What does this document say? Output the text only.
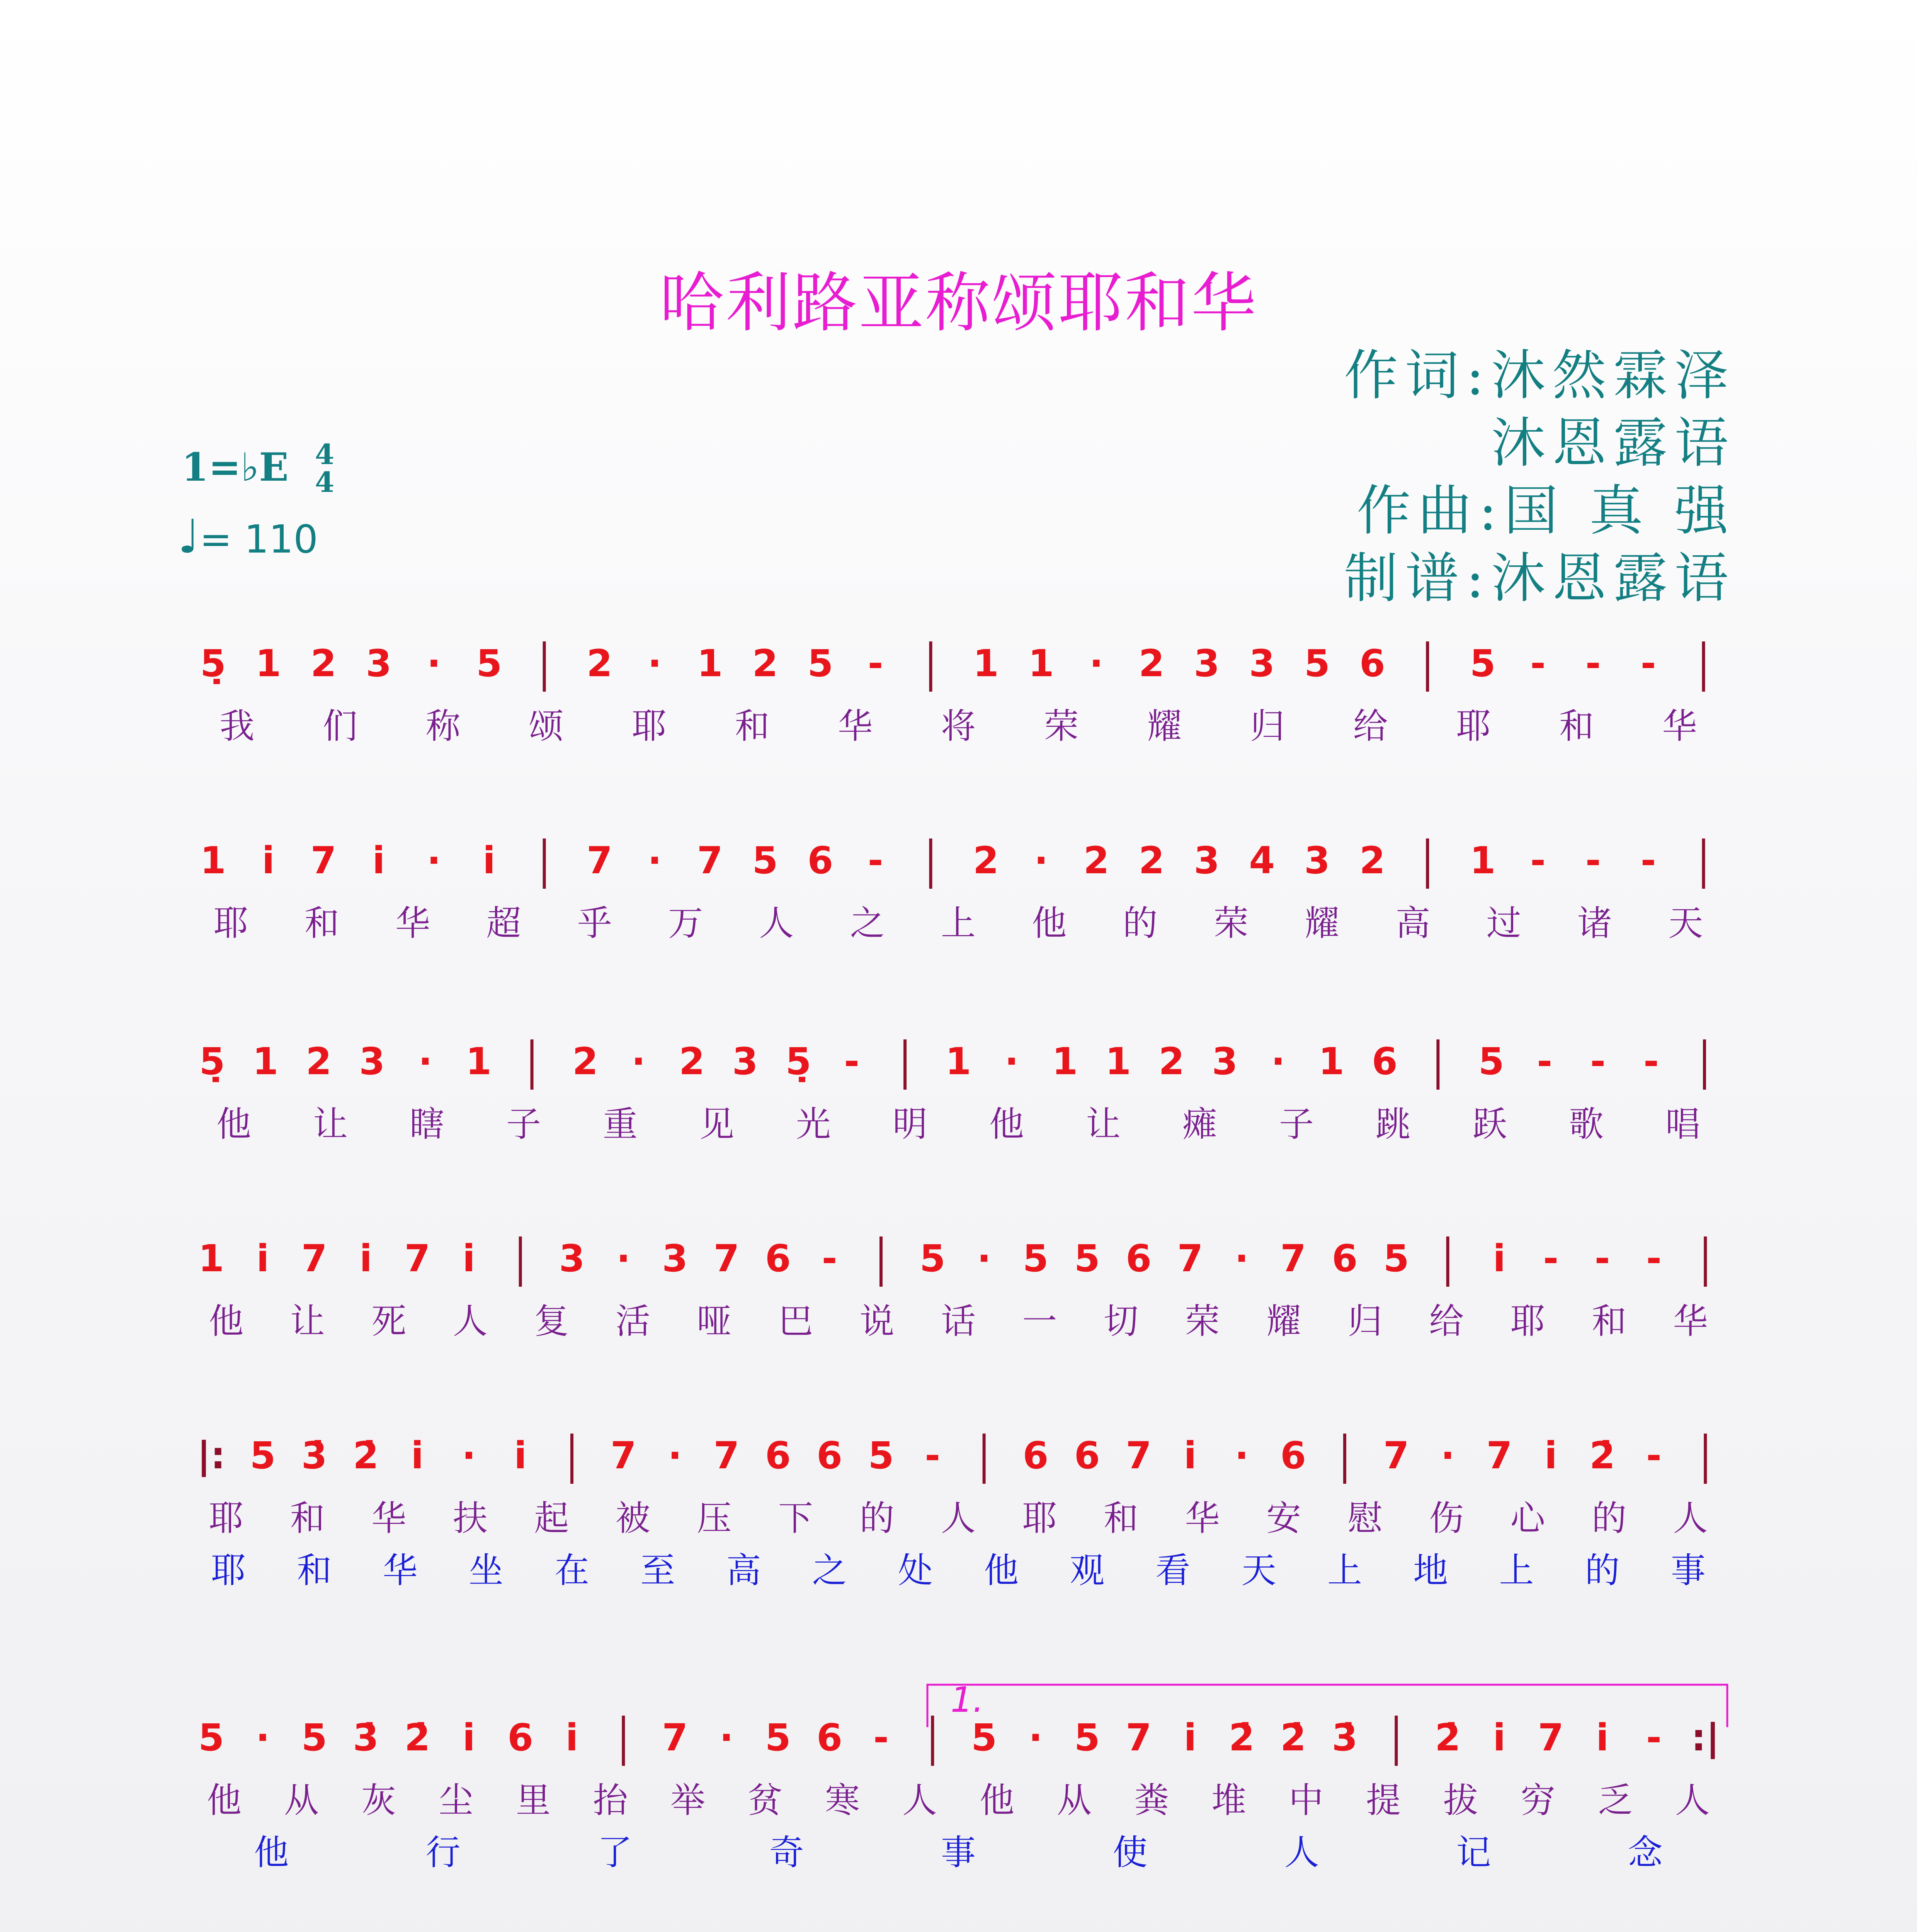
哈利路亚称颂耶和华
作词:沐然霖泽
沐恩露语
作曲:国 真 强
制谱:沐恩露语
1=♭E 4
4
♩= 110
5̣ 1 2 3 · 5 2 · 1 2 5 - 1 1 · 2 3 3 5 6 5 - - -
我 们 称 颂 耶 和 华 将 荣 耀 归 给 耶 和 华
1 i̇ 7 i̇ · i̇ 7 · 7 5 6 - 2 · 2 2 3 4 3 2 1 - - -
耶 和 华 超 乎 万 人 之 上 他 的 荣 耀 高 过 诸 天
5̣ 1 2 3 · 1 2 · 2 3 5̣ - 1 · 1 1 2 3 · 1 6 5 - - -
他 让 瞎 子 重 见 光 明 他 让 瘫 子 跳 跃 歌 唱
1 i̇ 7 i̇ 7 i̇ 3 · 3 7 6 - 5 · 5 5 6 7 · 7 6 5 i̇ - - -
他 让 死 人 复 活 哑 巴 说 话 一 切 荣 耀 归 给 耶 和 华
|: 5 3̇ 2̇ i̇ · i̇ 7 · 7 6 6 5 - 6 6 7 i̇ · 6 7 · 7 i̇ 2̇ -
耶 和 华 扶 起 被 压 下 的 人 耶 和 华 安 慰 伤 心 的 人
耶 和 华 坐 在 至 高 之 处 他 观 看 天 上 地 上 的 事
5 · 5 3̇ 2̇ i̇ 6 i̇ 7 · 5 6 - 5 · 5 7 i̇ 2̇ 2̇ 3̇ 2̇ i̇ 7 i̇ - :|
他 从 灰 尘 里 抬 举 贫 寒 人 他 从 粪 堆 中 提 拔 穷 乏 人
他	行	了	奇	事	使	人	记	念
1.
